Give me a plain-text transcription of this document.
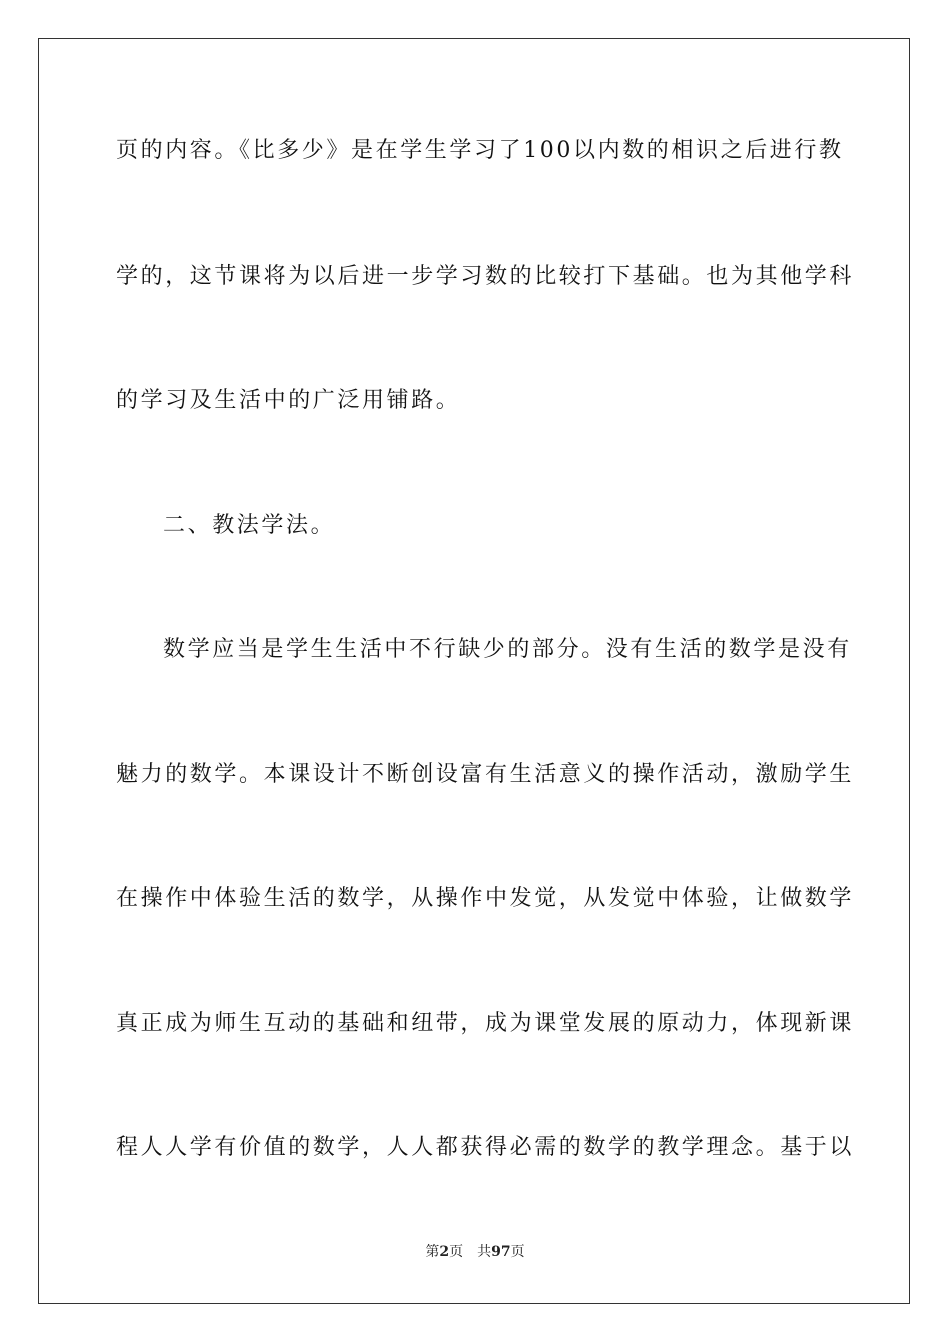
页的内容。《比多少》是在学生学习了100以内数的相识之后进行教
学的，这节课将为以后进一步学习数的比较打下基础。也为其他学科
的学习及生活中的广泛用铺路。
二、教法学法。
数学应当是学生生活中不行缺少的部分。没有生活的数学是没有
魅力的数学。本课设计不断创设富有生活意义的操作活动，激励学生
在操作中体验生活的数学，从操作中发觉，从发觉中体验，让做数学
真正成为师生互动的基础和纽带，成为课堂发展的原动力，体现新课
程人人学有价值的数学，人人都获得必需的数学的教学理念。基于以
第2页 共97页
